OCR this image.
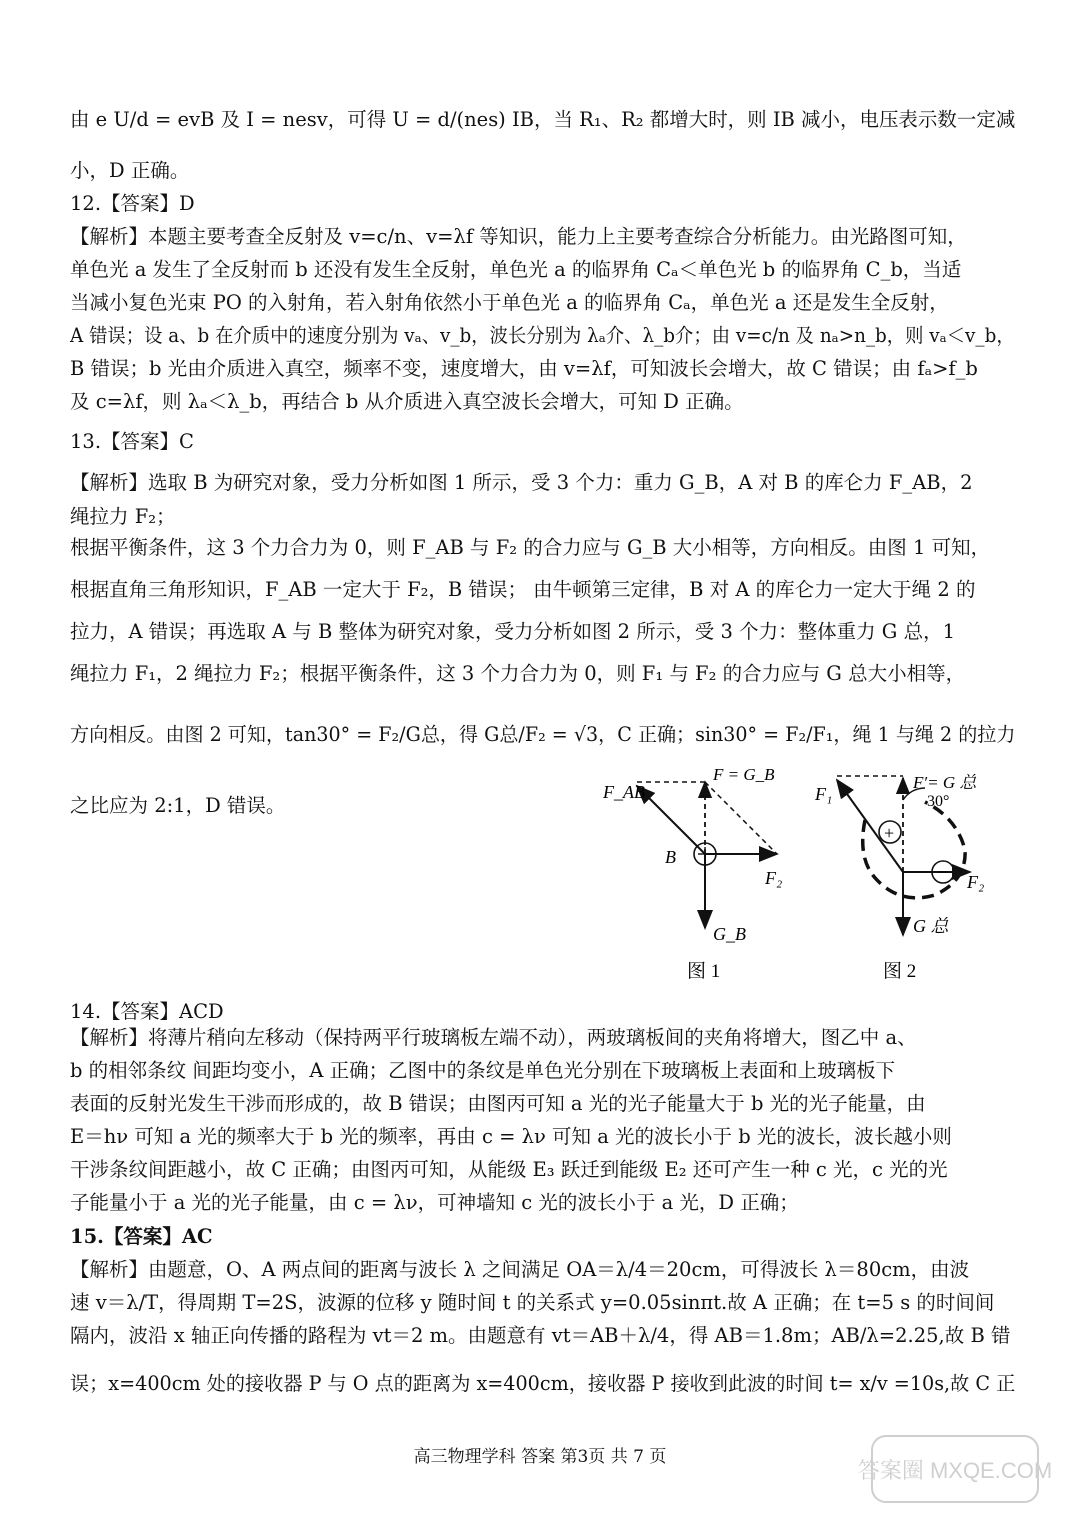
由 e U/d = evB 及 I = nesv，可得 U = d/(nes) IB，当 R₁、R₂ 都增大时，则 IB 减小，电压表示数一定减
小，D 正确。
12.【答案】D
【解析】本题主要考查全反射及 v=c/n、v=λf 等知识，能力上主要考查综合分析能力。由光路图可知，
单色光 a 发生了全反射而 b 还没有发生全反射，单色光 a 的临界角 Cₐ＜单色光 b 的临界角 C_b，当适
当减小复色光束 PO 的入射角，若入射角依然小于单色光 a 的临界角 Cₐ，单色光 a 还是发生全反射，
A 错误；设 a、b 在介质中的速度分别为 vₐ、v_b，波长分别为 λₐ介、λ_b介；由 v=c/n 及 nₐ>n_b，则 vₐ＜v_b，
B 错误；b 光由介质进入真空，频率不变，速度增大，由 v=λf，可知波长会增大，故 C 错误；由 fₐ>f_b
及 c=λf，则 λₐ＜λ_b，再结合 b 从介质进入真空波长会增大，可知 D 正确。
13.【答案】C
【解析】选取 B 为研究对象，受力分析如图 1 所示，受 3 个力：重力 G_B，A 对 B 的库仑力 F_AB，2
绳拉力 F₂；
根据平衡条件，这 3 个力合力为 0，则 F_AB 与 F₂ 的合力应与 G_B 大小相等，方向相反。由图 1 可知，
根据直角三角形知识，F_AB 一定大于 F₂，B 错误； 由牛顿第三定律，B 对 A 的库仑力一定大于绳 2 的
拉力，A 错误；再选取 A 与 B 整体为研究对象，受力分析如图 2 所示，受 3 个力：整体重力 G 总，1
绳拉力 F₁，2 绳拉力 F₂；根据平衡条件，这 3 个力合力为 0，则 F₁ 与 F₂ 的合力应与 G 总大小相等，
方向相反。由图 2 可知，tan30° = F₂/G总，得 G总/F₂ = √3，C 正确；sin30° = F₂/F₁，绳 1 与绳 2 的拉力
之比应为 2:1，D 错误。
F_AB
F = G_B
B
F₂
G_B
图 1
+
−
F₁
F′= G 总
30°
F₂
G 总
图 2
14.【答案】ACD
【解析】将薄片稍向左移动（保持两平行玻璃板左端不动），两玻璃板间的夹角将增大，图乙中 a、
b 的相邻条纹 间距均变小，A 正确；乙图中的条纹是单色光分别在下玻璃板上表面和上玻璃板下
表面的反射光发生干涉而形成的，故 B 错误；由图丙可知 a 光的光子能量大于 b 光的光子能量，由
E＝hν 可知 a 光的频率大于 b 光的频率，再由 c = λν 可知 a 光的波长小于 b 光的波长，波长越小则
干涉条纹间距越小，故 C 正确；由图丙可知，从能级 E₃ 跃迁到能级 E₂ 还可产生一种 c 光，c 光的光
子能量小于 a 光的光子能量，由 c = λν，可神墙知 c 光的波长小于 a 光，D 正确；
15.【答案】AC
【解析】由题意，O、A 两点间的距离与波长 λ 之间满足 OA＝λ/4＝20cm，可得波长 λ＝80cm，由波
速 v＝λ/T，得周期 T=2S，波源的位移 y 随时间 t 的关系式 y=0.05sinπt.故 A 正确；在 t=5 s 的时间间
隔内，波沿 x 轴正向传播的路程为 vt＝2 m。由题意有 vt＝AB＋λ/4，得 AB＝1.8m；AB/λ=2.25,故 B 错
误；x=400cm 处的接收器 P 与 O 点的距离为 x=400cm，接收器 P 接收到此波的时间 t= x/v =10s,故 C 正
高三物理学科 答案 第3页 共 7 页
答案圈 MXQE.COM
